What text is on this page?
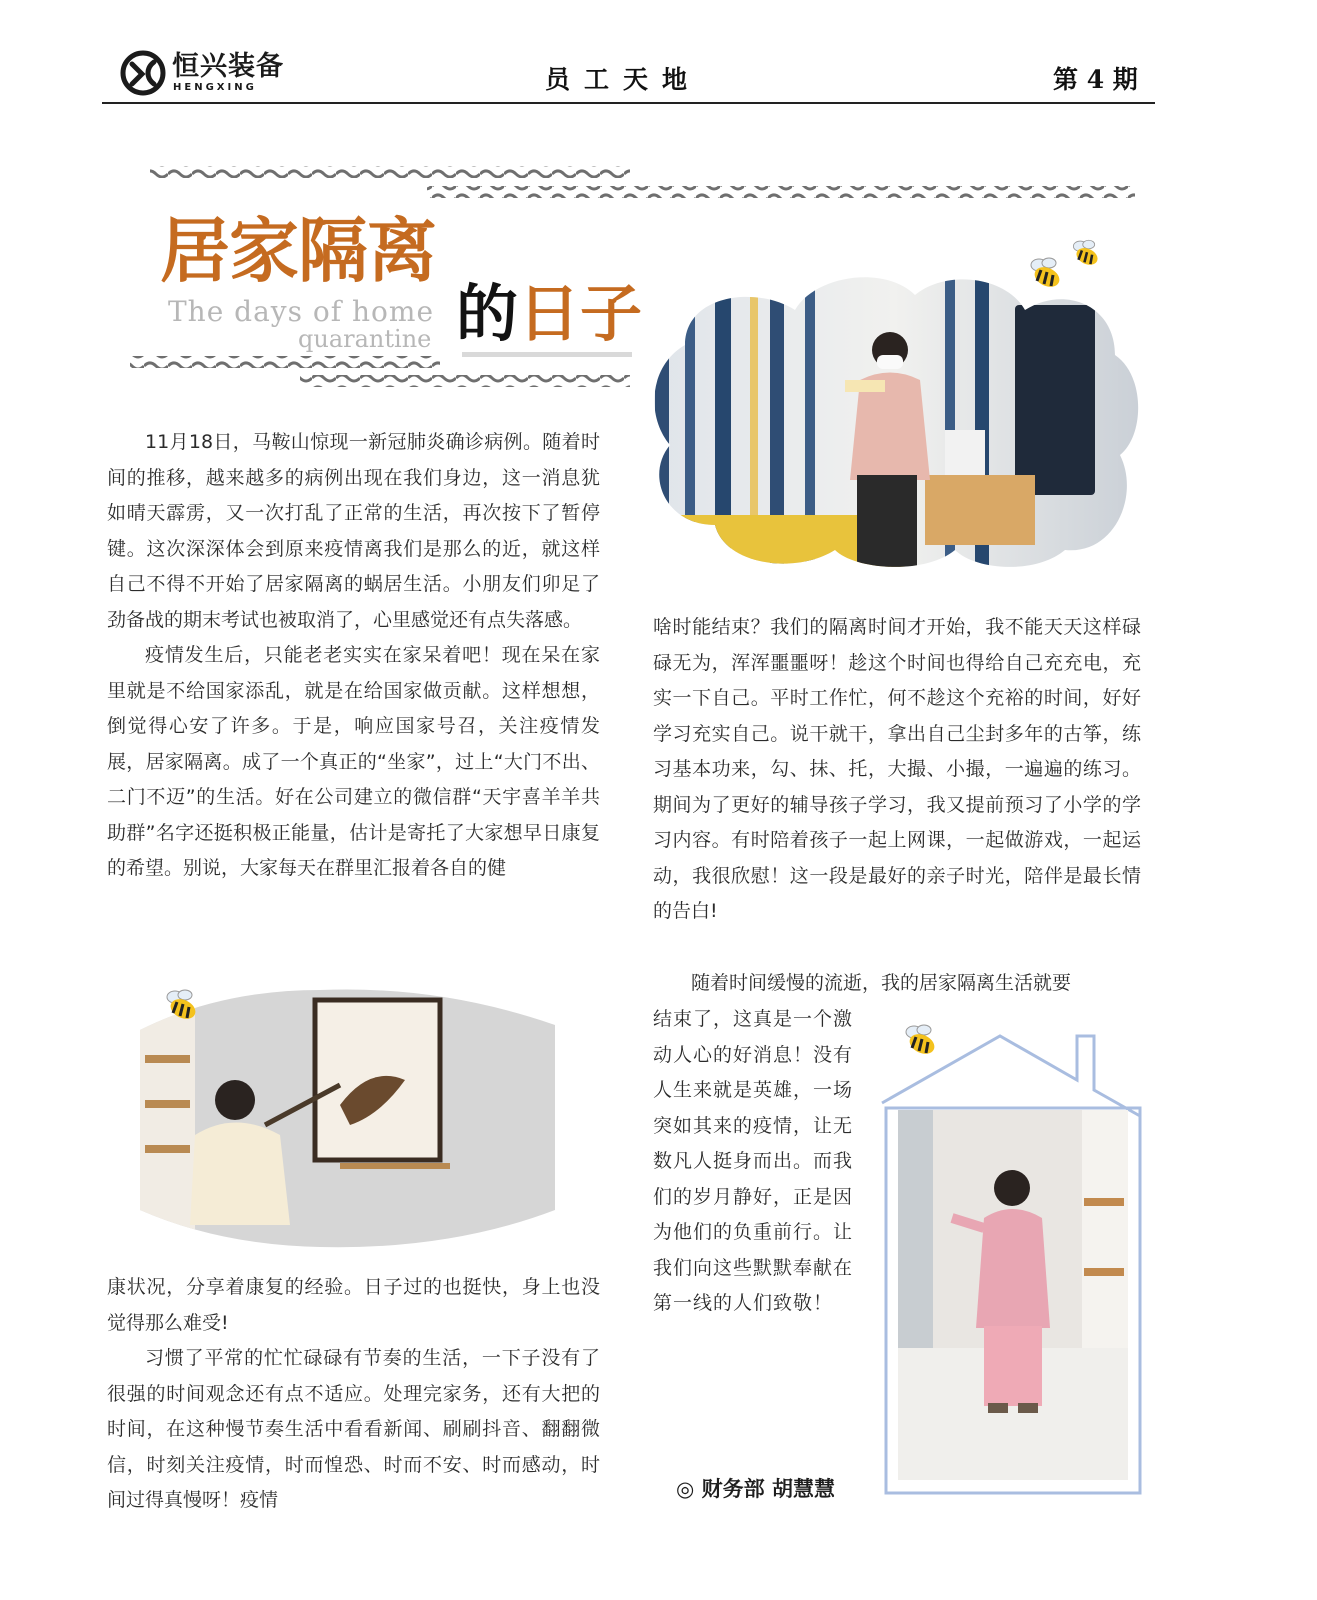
恒兴装备
HENGXING	员工天地	第 4 期
居家隔离
The days of home
quarantine 的日子
11月18日，马鞍山惊现一新冠肺炎确诊病例。随着时间的推移，越来越多的病例出现在我们身边，这一消息犹如晴天霹雳，又一次打乱了正常的生活，再次按下了暂停键。这次深深体会到原来疫情离我们是那么的近，就这样自己不得不开始了居家隔离的蜗居生活。小朋友们卯足了劲备战的期末考试也被取消了，心里感觉还有点失落感。
疫情发生后，只能老老实实在家呆着吧！现在呆在家里就是不给国家添乱，就是在给国家做贡献。这样想想，倒觉得心安了许多。于是，响应国家号召，关注疫情发展，居家隔离。成了一个真正的“坐家”，过上“大门不出、二门不迈”的生活。好在公司建立的微信群“天宇喜羊羊共助群”名字还挺积极正能量，估计是寄托了大家想早日康复的希望。别说，大家每天在群里汇报着各自的健
康状况，分享着康复的经验。日子过的也挺快，身上也没觉得那么难受!
习惯了平常的忙忙碌碌有节奏的生活，一下子没有了很强的时间观念还有点不适应。处理完家务，还有大把的时间，在这种慢节奏生活中看看新闻、刷刷抖音、翻翻微信，时刻关注疫情，时而惶恐、时而不安、时而感动，时间过得真慢呀！疫情
啥时能结束？我们的隔离时间才开始，我不能天天这样碌碌无为，浑浑噩噩呀！趁这个时间也得给自己充充电，充实一下自己。平时工作忙，何不趁这个充裕的时间，好好学习充实自己。说干就干，拿出自己尘封多年的古筝，练习基本功来，勾、抹、托，大撮、小撮，一遍遍的练习。期间为了更好的辅导孩子学习，我又提前预习了小学的学习内容。有时陪着孩子一起上网课，一起做游戏，一起运动，我很欣慰！这一段是最好的亲子时光，陪伴是最长情的告白!
随着时间缓慢的流逝，我的居家隔离生活就要
结束了，这真是一个激动人心的好消息！没有人生来就是英雄，一场突如其来的疫情，让无数凡人挺身而出。而我们的岁月静好，正是因为他们的负重前行。让我们向这些默默奉献在第一线的人们致敬！
◎ 财务部 胡慧慧
